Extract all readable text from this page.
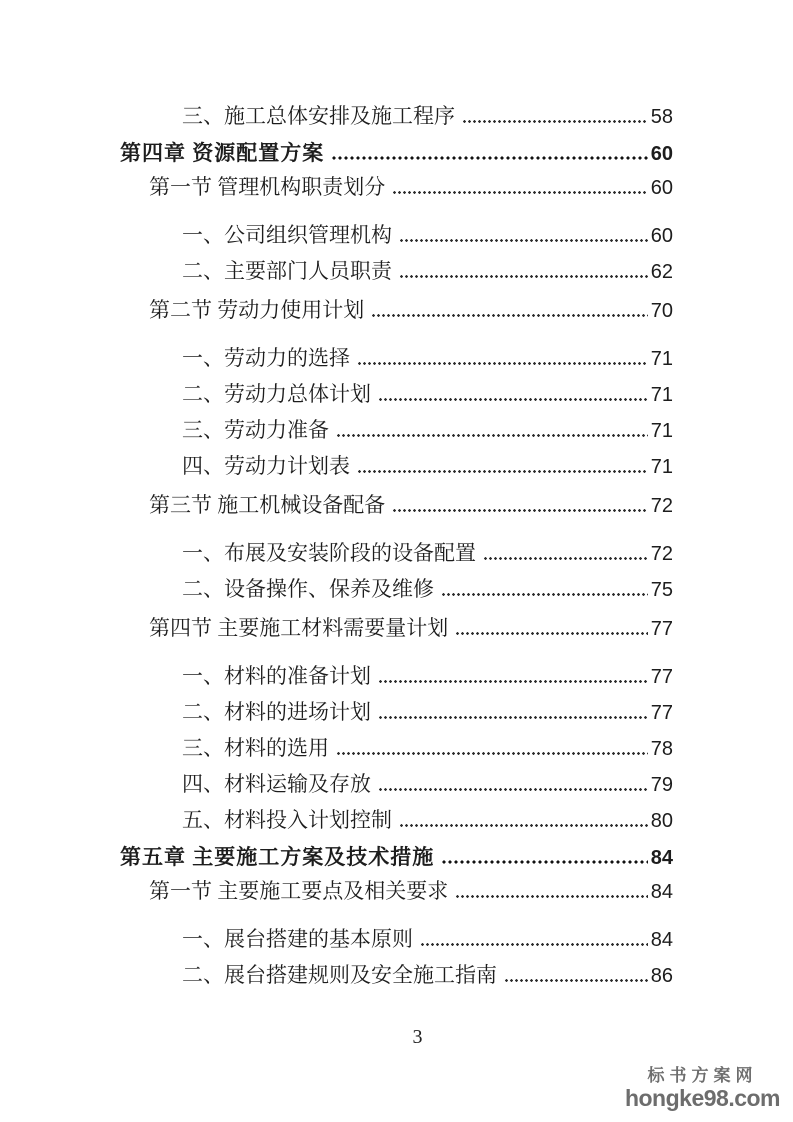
三、施工总体安排及施工程序	58
第四章 资源配置方案	60
第一节 管理机构职责划分	60
一、公司组织管理机构	60
二、主要部门人员职责	62
第二节 劳动力使用计划	70
一、劳动力的选择	71
二、劳动力总体计划	71
三、劳动力准备	71
四、劳动力计划表	71
第三节 施工机械设备配备	72
一、布展及安装阶段的设备配置	72
二、设备操作、保养及维修	75
第四节 主要施工材料需要量计划	77
一、材料的准备计划	77
二、材料的进场计划	77
三、材料的选用	78
四、材料运输及存放	79
五、材料投入计划控制	80
第五章 主要施工方案及技术措施	84
第一节 主要施工要点及相关要求	84
一、展台搭建的基本原则	84
二、展台搭建规则及安全施工指南	86
3
标书方案网
hongke98.com
